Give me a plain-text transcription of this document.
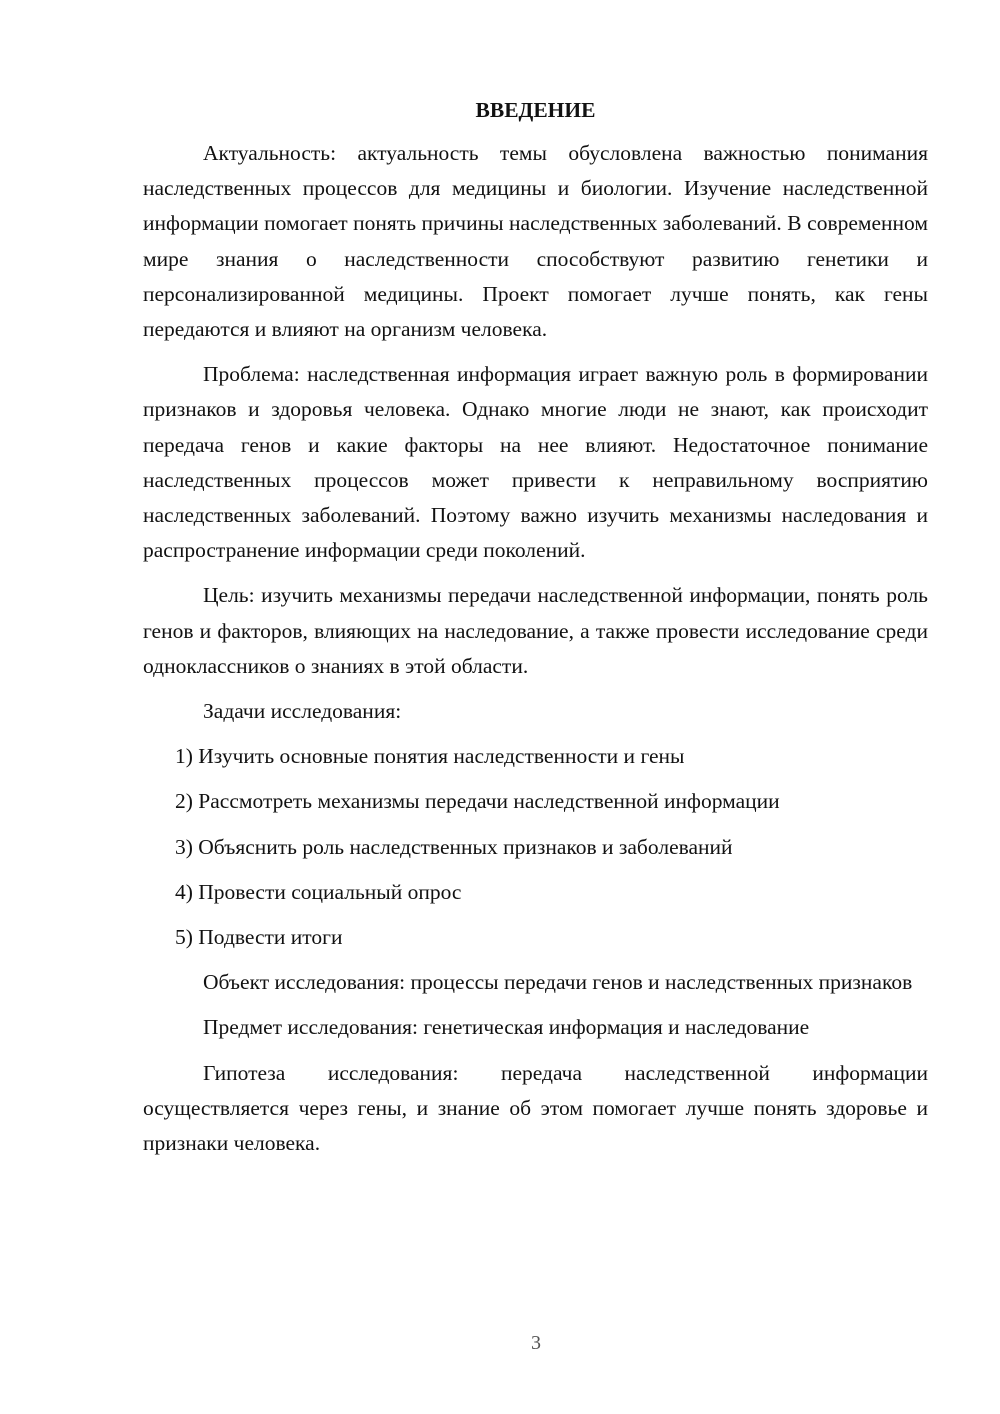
ВВЕДЕНИЕ

Актуальность: актуальность темы обусловлена важностью понимания наследственных процессов для медицины и биологии. Изучение наследственной информации помогает понять причины наследственных заболеваний. В современном мире знания о наследственности способствуют развитию генетики и персонализированной медицины. Проект помогает лучше понять, как гены передаются и влияют на организм человека.

Проблема: наследственная информация играет важную роль в формировании признаков и здоровья человека. Однако многие люди не знают, как происходит передача генов и какие факторы на нее влияют. Недостаточное понимание наследственных процессов может привести к неправильному восприятию наследственных заболеваний. Поэтому важно изучить механизмы наследования и распространение информации среди поколений.

Цель: изучить механизмы передачи наследственной информации, понять роль генов и факторов, влияющих на наследование, а также провести исследование среди одноклассников о знаниях в этой области.

Задачи исследования:

1) Изучить основные понятия наследственности и гены

2) Рассмотреть механизмы передачи наследственной информации

3) Объяснить роль наследственных признаков и заболеваний

4) Провести социальный опрос

5) Подвести итоги

Объект исследования: процессы передачи генов и наследственных признаков

Предмет исследования: генетическая информация и наследование

Гипотеза исследования: передача наследственной информации осуществляется через гены, и знание об этом помогает лучше понять здоровье и признаки человека.

3
